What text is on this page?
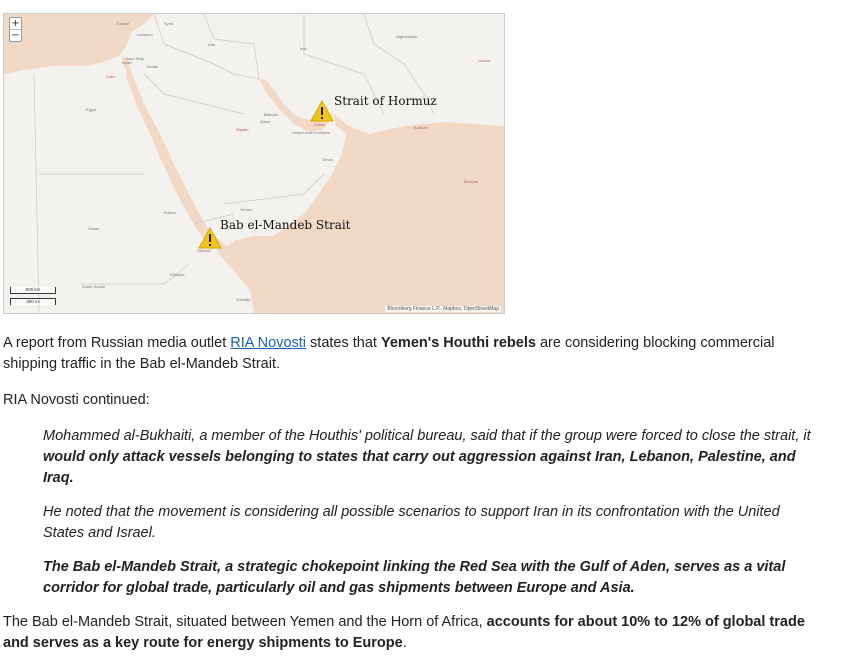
+
−
Türkiye	Syria
Lebanon
Iraq
Iran
Afghanistan
Lahore
Gaza Strip
Israel
Jordan
Cairo
Egypt
Bahrain
Qatar
Riyadh
United Arab Emirates
Dubai
Oman
Karachi
Mumbai
Yemen
Eritrea
Djibouti
Sudan
Ethiopia
South Sudan
Somalia
Strait of Hormuz
Bab el-Mandeb Strait
500 km
300 mi
Bloomberg Finance L.P., Mapbox, OpenStreetMap

A report from Russian media outlet RIA Novosti states that Yemen's Houthi rebels are considering blocking commercial shipping traffic in the Bab el-Mandeb Strait.

RIA Novosti continued:

Mohammed al-Bukhaiti, a member of the Houthis' political bureau, said that if the group were forced to close the strait, it would only attack vessels belonging to states that carry out aggression against Iran, Lebanon, Palestine, and Iraq.

He noted that the movement is considering all possible scenarios to support Iran in its confrontation with the United States and Israel.

The Bab el-Mandeb Strait, a strategic chokepoint linking the Red Sea with the Gulf of Aden, serves as a vital corridor for global trade, particularly oil and gas shipments between Europe and Asia.

The Bab el-Mandeb Strait, situated between Yemen and the Horn of Africa, accounts for about 10% to 12% of global trade and serves as a key route for energy shipments to Europe.
